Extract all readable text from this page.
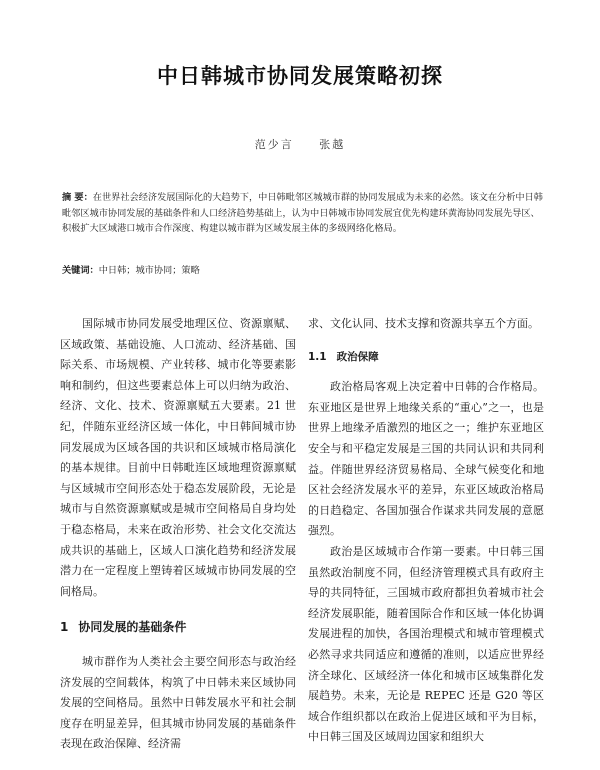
中日韩城市协同发展策略初探
范少言 张越
摘 要：在世界社会经济发展国际化的大趋势下，中日韩毗邻区城城市群的协同发展成为未来的必然。该文在分析中日韩毗邻区城市协同发展的基础条件和人口经济趋势基础上，认为中日韩城市协同发展宜优先构建环黄海协同发展先导区、积极扩大区域港口城市合作深度、构建以城市群为区域发展主体的多级网络化格局。
关键词：中日韩；城市协同；策略

国际城市协同发展受地理区位、资源禀赋、区域政策、基础设施、人口流动、经济基础、国际关系、市场规模、产业转移、城市化等要素影响和制约，但这些要素总体上可以归纳为政治、经济、文化、技术、资源禀赋五大要素。21 世纪，伴随东亚经济区域一体化，中日韩间城市协同发展成为区域各国的共识和区域城市格局演化的基本规律。目前中日韩毗连区域地理资源禀赋与区域城市空间形态处于稳态发展阶段，无论是城市与自然资源禀赋或是城市空间格局自身均处于稳态格局，未来在政治形势、社会文化交流达成共识的基础上，区域人口演化趋势和经济发展潜力在一定程度上塑铸着区域城市协同发展的空间格局。

1 协同发展的基础条件

城市群作为人类社会主要空间形态与政治经济发展的空间载体，构筑了中日韩未来区域协同发展的空间格局。虽然中日韩发展水平和社会制度存在明显差异，但其城市协同发展的基础条件表现在政治保障、经济需

求、文化认同、技术支撑和资源共享五个方面。

1.1 政治保障

政治格局客观上决定着中日韩的合作格局。东亚地区是世界上地缘关系的“重心”之一，也是世界上地缘矛盾激烈的地区之一；维护东亚地区安全与和平稳定发展是三国的共同认识和共同利益。伴随世界经济贸易格局、全球气候变化和地区社会经济发展水平的差异，东亚区域政治格局的日趋稳定、各国加强合作谋求共同发展的意愿强烈。

政治是区域城市合作第一要素。中日韩三国虽然政治制度不同，但经济管理模式具有政府主导的共同特征，三国城市政府都担负着城市社会经济发展职能，随着国际合作和区域一体化协调发展进程的加快，各国治理模式和城市管理模式必然寻求共同适应和遵循的准则，以适应世界经济全球化、区域经济一体化和城市区域集群化发展趋势。未来，无论是 REPEC 还是 G20 等区域合作组织都以在政治上促进区域和平为目标，中日韩三国及区域周边国家和组织大
